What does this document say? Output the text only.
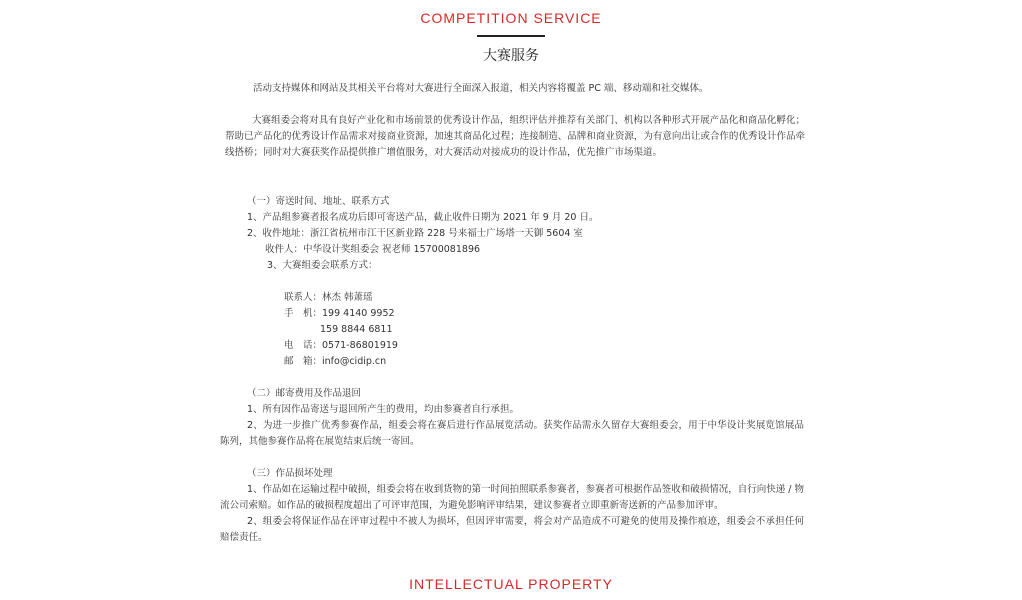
COMPETITION SERVICE
大赛服务

活动支持媒体和网站及其相关平台将对大赛进行全面深入报道，相关内容将覆盖 PC 端、移动端和社交媒体。

大赛组委会将对具有良好产业化和市场前景的优秀设计作品，组织评估并推荐有关部门、机构以各种形式开展产品化和商品化孵化；帮助已产品化的优秀设计作品需求对接商业资源，加速其商品化过程；连接制造、品牌和商业资源，为有意向出让或合作的优秀设计作品牵线搭桥；同时对大赛获奖作品提供推广增值服务，对大赛活动对接成功的设计作品，优先推广市场渠道。

（一）寄送时间、地址、联系方式
1、产品组参赛者报名成功后即可寄送产品，截止收件日期为 2021 年 9 月 20 日。
2、收件地址：浙江省杭州市江干区新业路 228 号来福士广场塔一天御 5604 室
收件人：中华设计奖组委会 祝老师 15700081896
3、大赛组委会联系方式：
联系人：林杰 韩萧瑶
手　机：199 4140 9952
159 8844 6811
电　话：0571-86801919
邮　箱：info@cidip.cn
（二）邮寄费用及作品退回
1、所有因作品寄送与退回所产生的费用，均由参赛者自行承担。

2、为进一步推广优秀参赛作品，组委会将在赛后进行作品展览活动。获奖作品需永久留存大赛组委会，用于中华设计奖展览馆展品陈列，其他参赛作品将在展览结束后统一寄回。

（三）作品损坏处理

1、作品如在运输过程中破损，组委会将在收到货物的第一时间拍照联系参赛者，参赛者可根据作品签收和破损情况，自行向快递 / 物流公司索赔。如作品的破损程度超出了可评审范围，为避免影响评审结果，建议参赛者立即重新寄送新的产品参加评审。

2、组委会将保证作品在评审过程中不被人为损坏，但因评审需要，将会对产品造成不可避免的使用及操作痕迹，组委会不承担任何赔偿责任。

INTELLECTUAL PROPERTY
